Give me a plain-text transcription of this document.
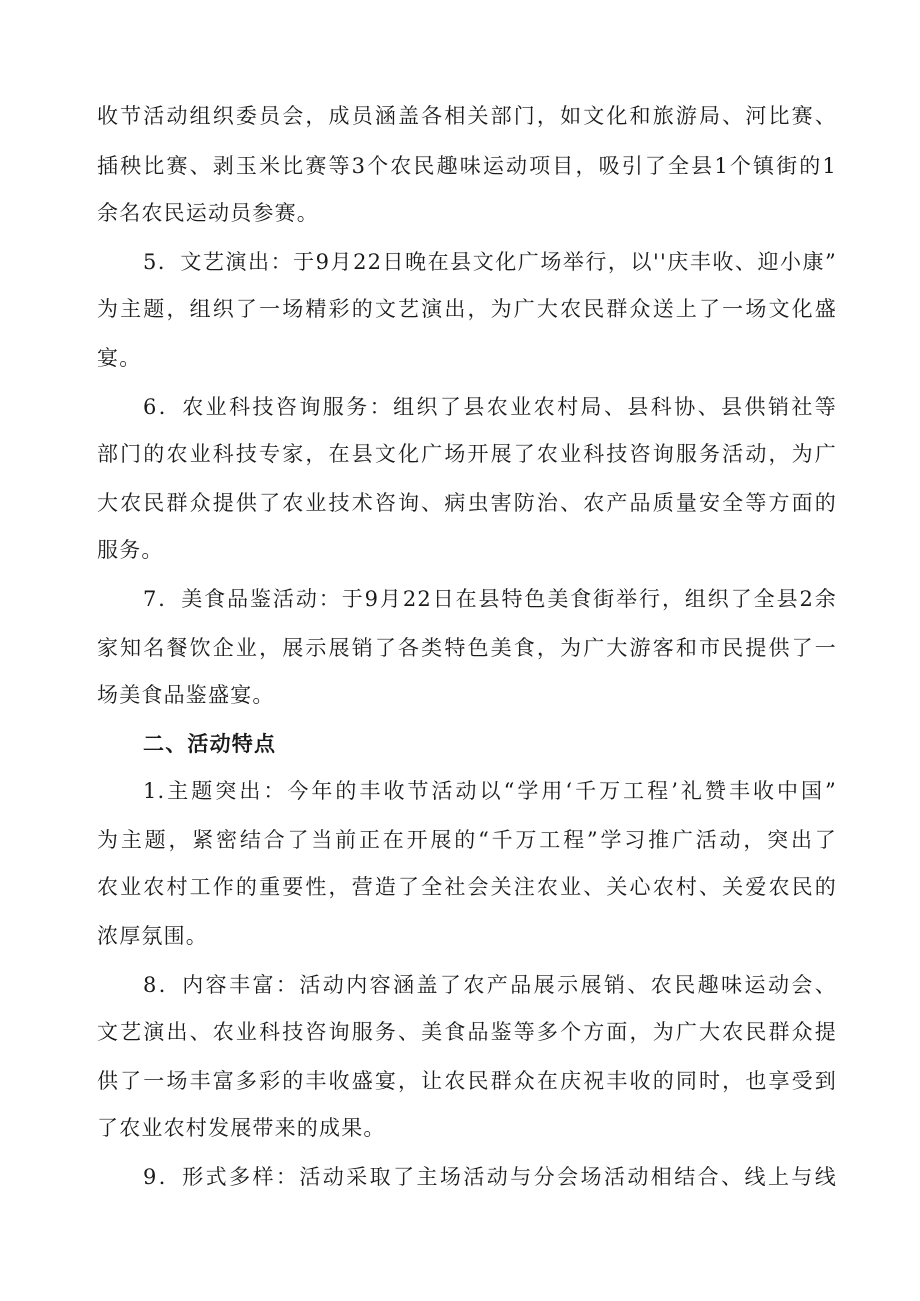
收节活动组织委员会，成员涵盖各相关部门，如文化和旅游局、河比赛、
插秧比赛、剥玉米比赛等3个农民趣味运动项目，吸引了全县1个镇街的1
余名农民运动员参赛。
5．文艺演出：于9月22日晚在县文化广场举行，以''庆丰收、迎小康”
为主题，组织了一场精彩的文艺演出，为广大农民群众送上了一场文化盛
宴。
6．农业科技咨询服务：组织了县农业农村局、县科协、县供销社等
部门的农业科技专家，在县文化广场开展了农业科技咨询服务活动，为广
大农民群众提供了农业技术咨询、病虫害防治、农产品质量安全等方面的
服务。
7．美食品鉴活动：于9月22日在县特色美食街举行，组织了全县2余
家知名餐饮企业，展示展销了各类特色美食，为广大游客和市民提供了一
场美食品鉴盛宴。
二、活动特点
1.主题突出：今年的丰收节活动以“学用‘千万工程’礼赞丰收中国”
为主题，紧密结合了当前正在开展的“千万工程”学习推广活动，突出了
农业农村工作的重要性，营造了全社会关注农业、关心农村、关爱农民的
浓厚氛围。
8．内容丰富：活动内容涵盖了农产品展示展销、农民趣味运动会、
文艺演出、农业科技咨询服务、美食品鉴等多个方面，为广大农民群众提
供了一场丰富多彩的丰收盛宴，让农民群众在庆祝丰收的同时，也享受到
了农业农村发展带来的成果。
9．形式多样：活动采取了主场活动与分会场活动相结合、线上与线
